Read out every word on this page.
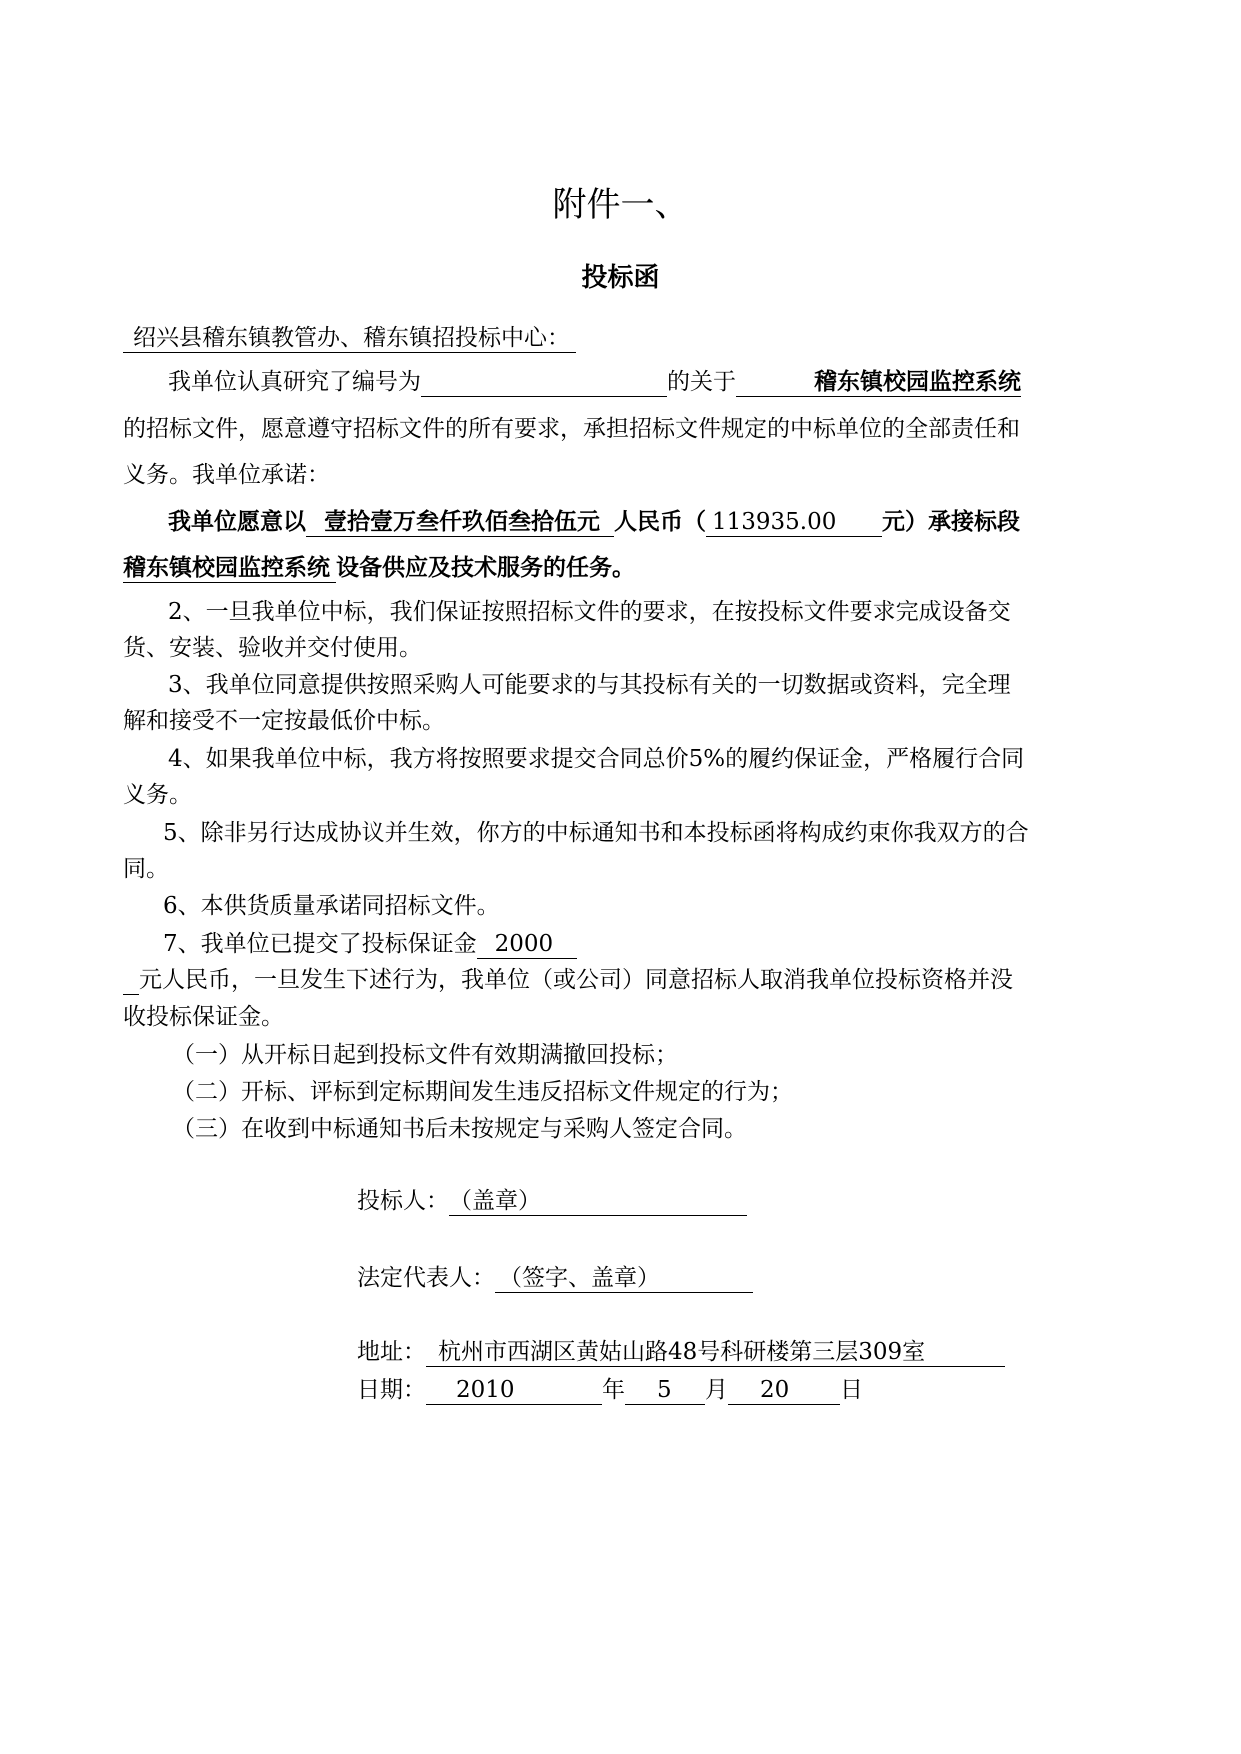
附件一、
投标函
绍兴县稽东镇教管办、稽东镇招投标中心：
我单位认真研究了编号为	的关于	稽东镇校园监控系统
的招标文件，愿意遵守招标文件的所有要求，承担招标文件规定的中标单位的全部责任和
义务。我单位承诺：
我单位愿意以 壹拾壹万叁仟玖佰叁拾伍元 人民币（ 113935.00 元）承接标段
稽东镇校园监控系统 设备供应及技术服务的任务。
2、一旦我单位中标，我们保证按照招标文件的要求，在按投标文件要求完成设备交
货、安装、验收并交付使用。
3、我单位同意提供按照采购人可能要求的与其投标有关的一切数据或资料，完全理
解和接受不一定按最低价中标。
4、如果我单位中标，我方将按照要求提交合同总价5%的履约保证金，严格履行合同
义务。
5、除非另行达成协议并生效，你方的中标通知书和本投标函将构成约束你我双方的合
同。
6、本供货质量承诺同招标文件。
7、我单位已提交了投标保证金 2000
元人民币，一旦发生下述行为，我单位（或公司）同意招标人取消我单位投标资格并没
收投标保证金。
（一）从开标日起到投标文件有效期满撤回投标；
（二）开标、评标到定标期间发生违反招标文件规定的行为；
（三）在收到中标通知书后未按规定与采购人签定合同。
投标人：（盖章）
法定代表人： （签字、盖章）
地址： 杭州市西湖区黄姑山路48号科研楼第三层309室
日期： 2010	年 5 月 20 日
